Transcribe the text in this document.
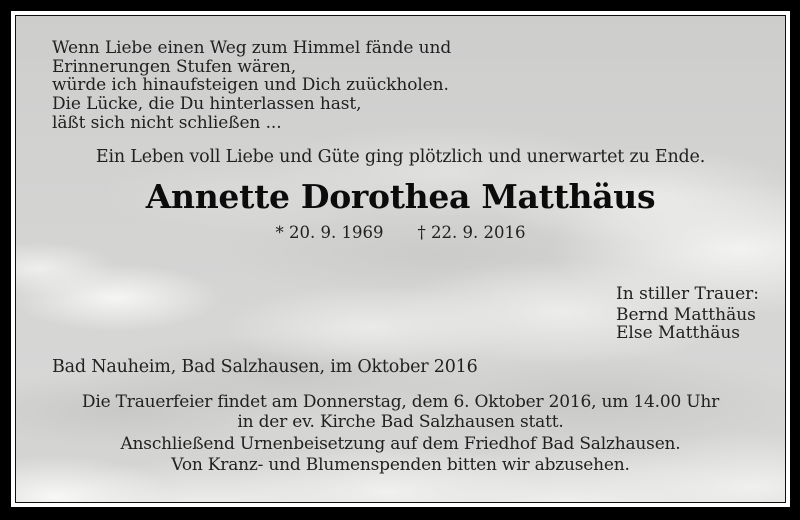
Wenn Liebe einen Weg zum Himmel fände und
Erinnerungen Stufen wären,
würde ich hinaufsteigen und Dich zuückholen.
Die Lücke, die Du hinterlassen hast,
läßt sich nicht schließen ...
Ein Leben voll Liebe und Güte ging plötzlich und unerwartet zu Ende.
Annette Dorothea Matthäus
* 20. 9. 1969 † 22. 9. 2016
In stiller Trauer:
Bernd Matthäus
Else Matthäus
Bad Nauheim, Bad Salzhausen, im Oktober 2016
Die Trauerfeier findet am Donnerstag, dem 6. Oktober 2016, um 14.00 Uhr
in der ev. Kirche Bad Salzhausen statt.
Anschließend Urnenbeisetzung auf dem Friedhof Bad Salzhausen.
Von Kranz- und Blumenspenden bitten wir abzusehen.
